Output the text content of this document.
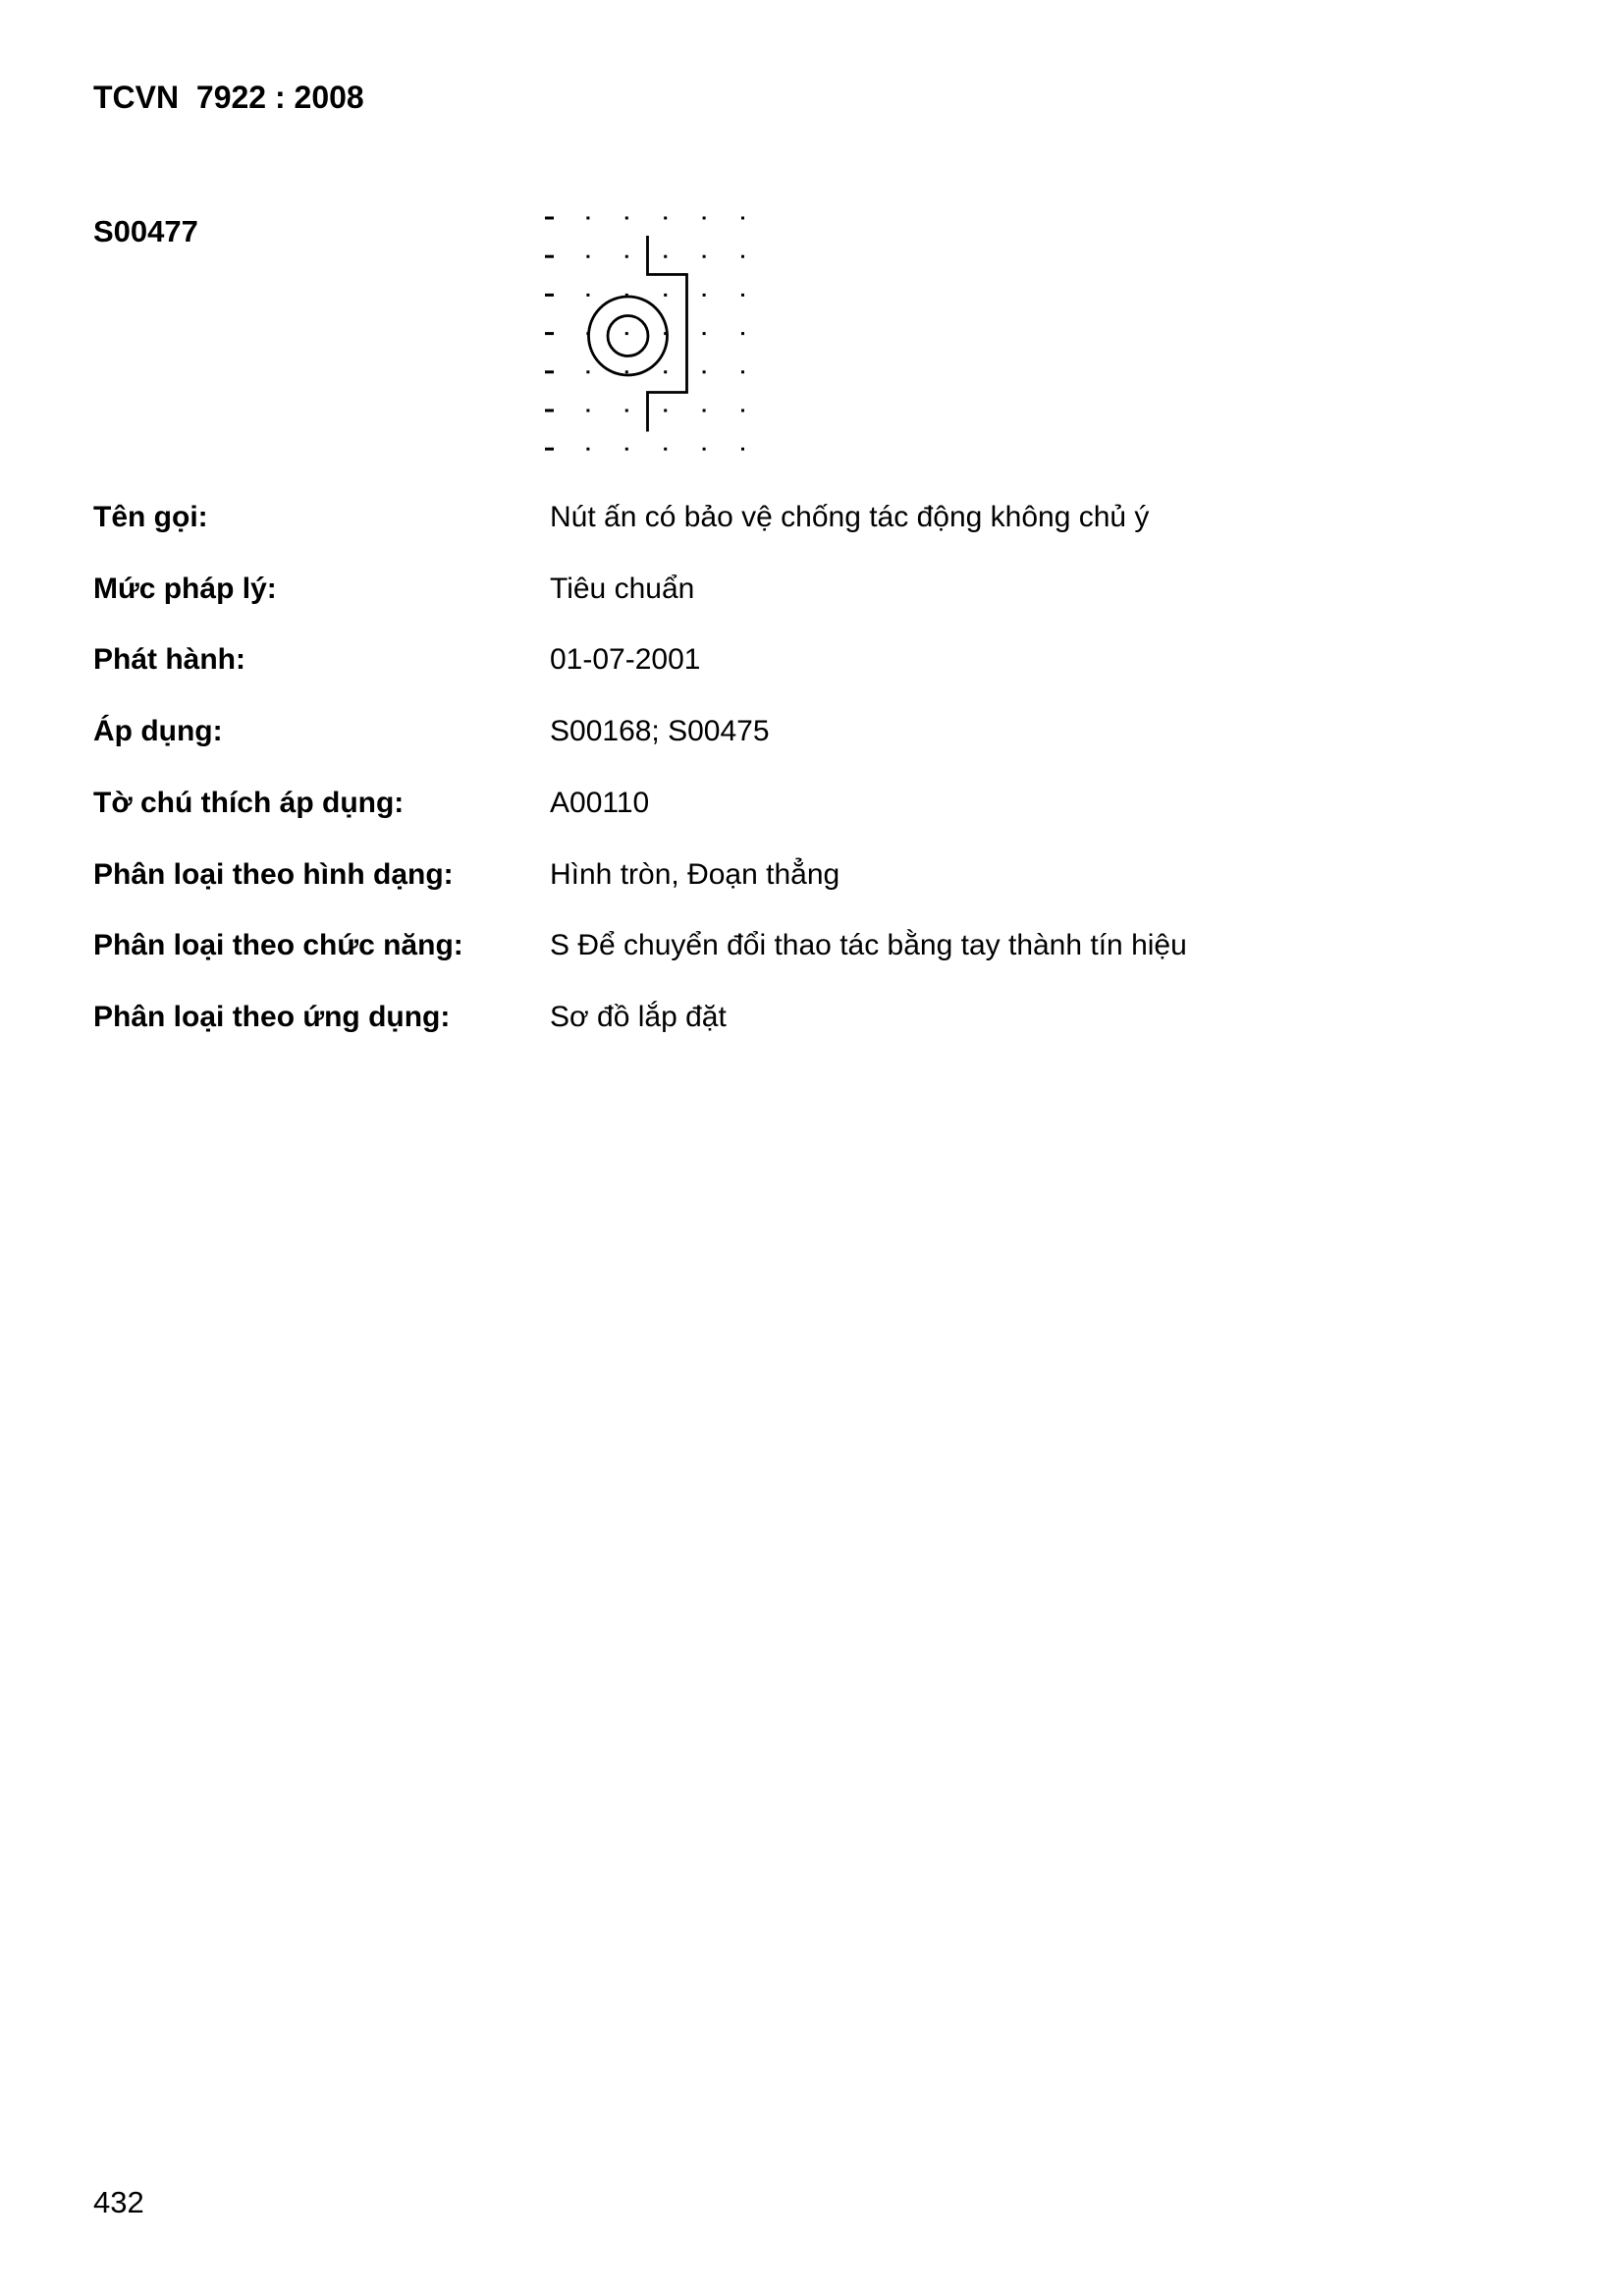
TCVN  7922 : 2008
S00477
Tên gọi:	Nút ấn có bảo vệ chống tác động không chủ ý
Mức pháp lý:	Tiêu chuẩn
Phát hành:	01-07-2001
Áp dụng:	S00168; S00475
Tờ chú thích áp dụng:	A00110
Phân loại theo hình dạng:	Hình tròn, Đoạn thẳng
Phân loại theo chức năng:	S Để chuyển đổi thao tác bằng tay thành tín hiệu
Phân loại theo ứng dụng:	Sơ đồ lắp đặt
432
